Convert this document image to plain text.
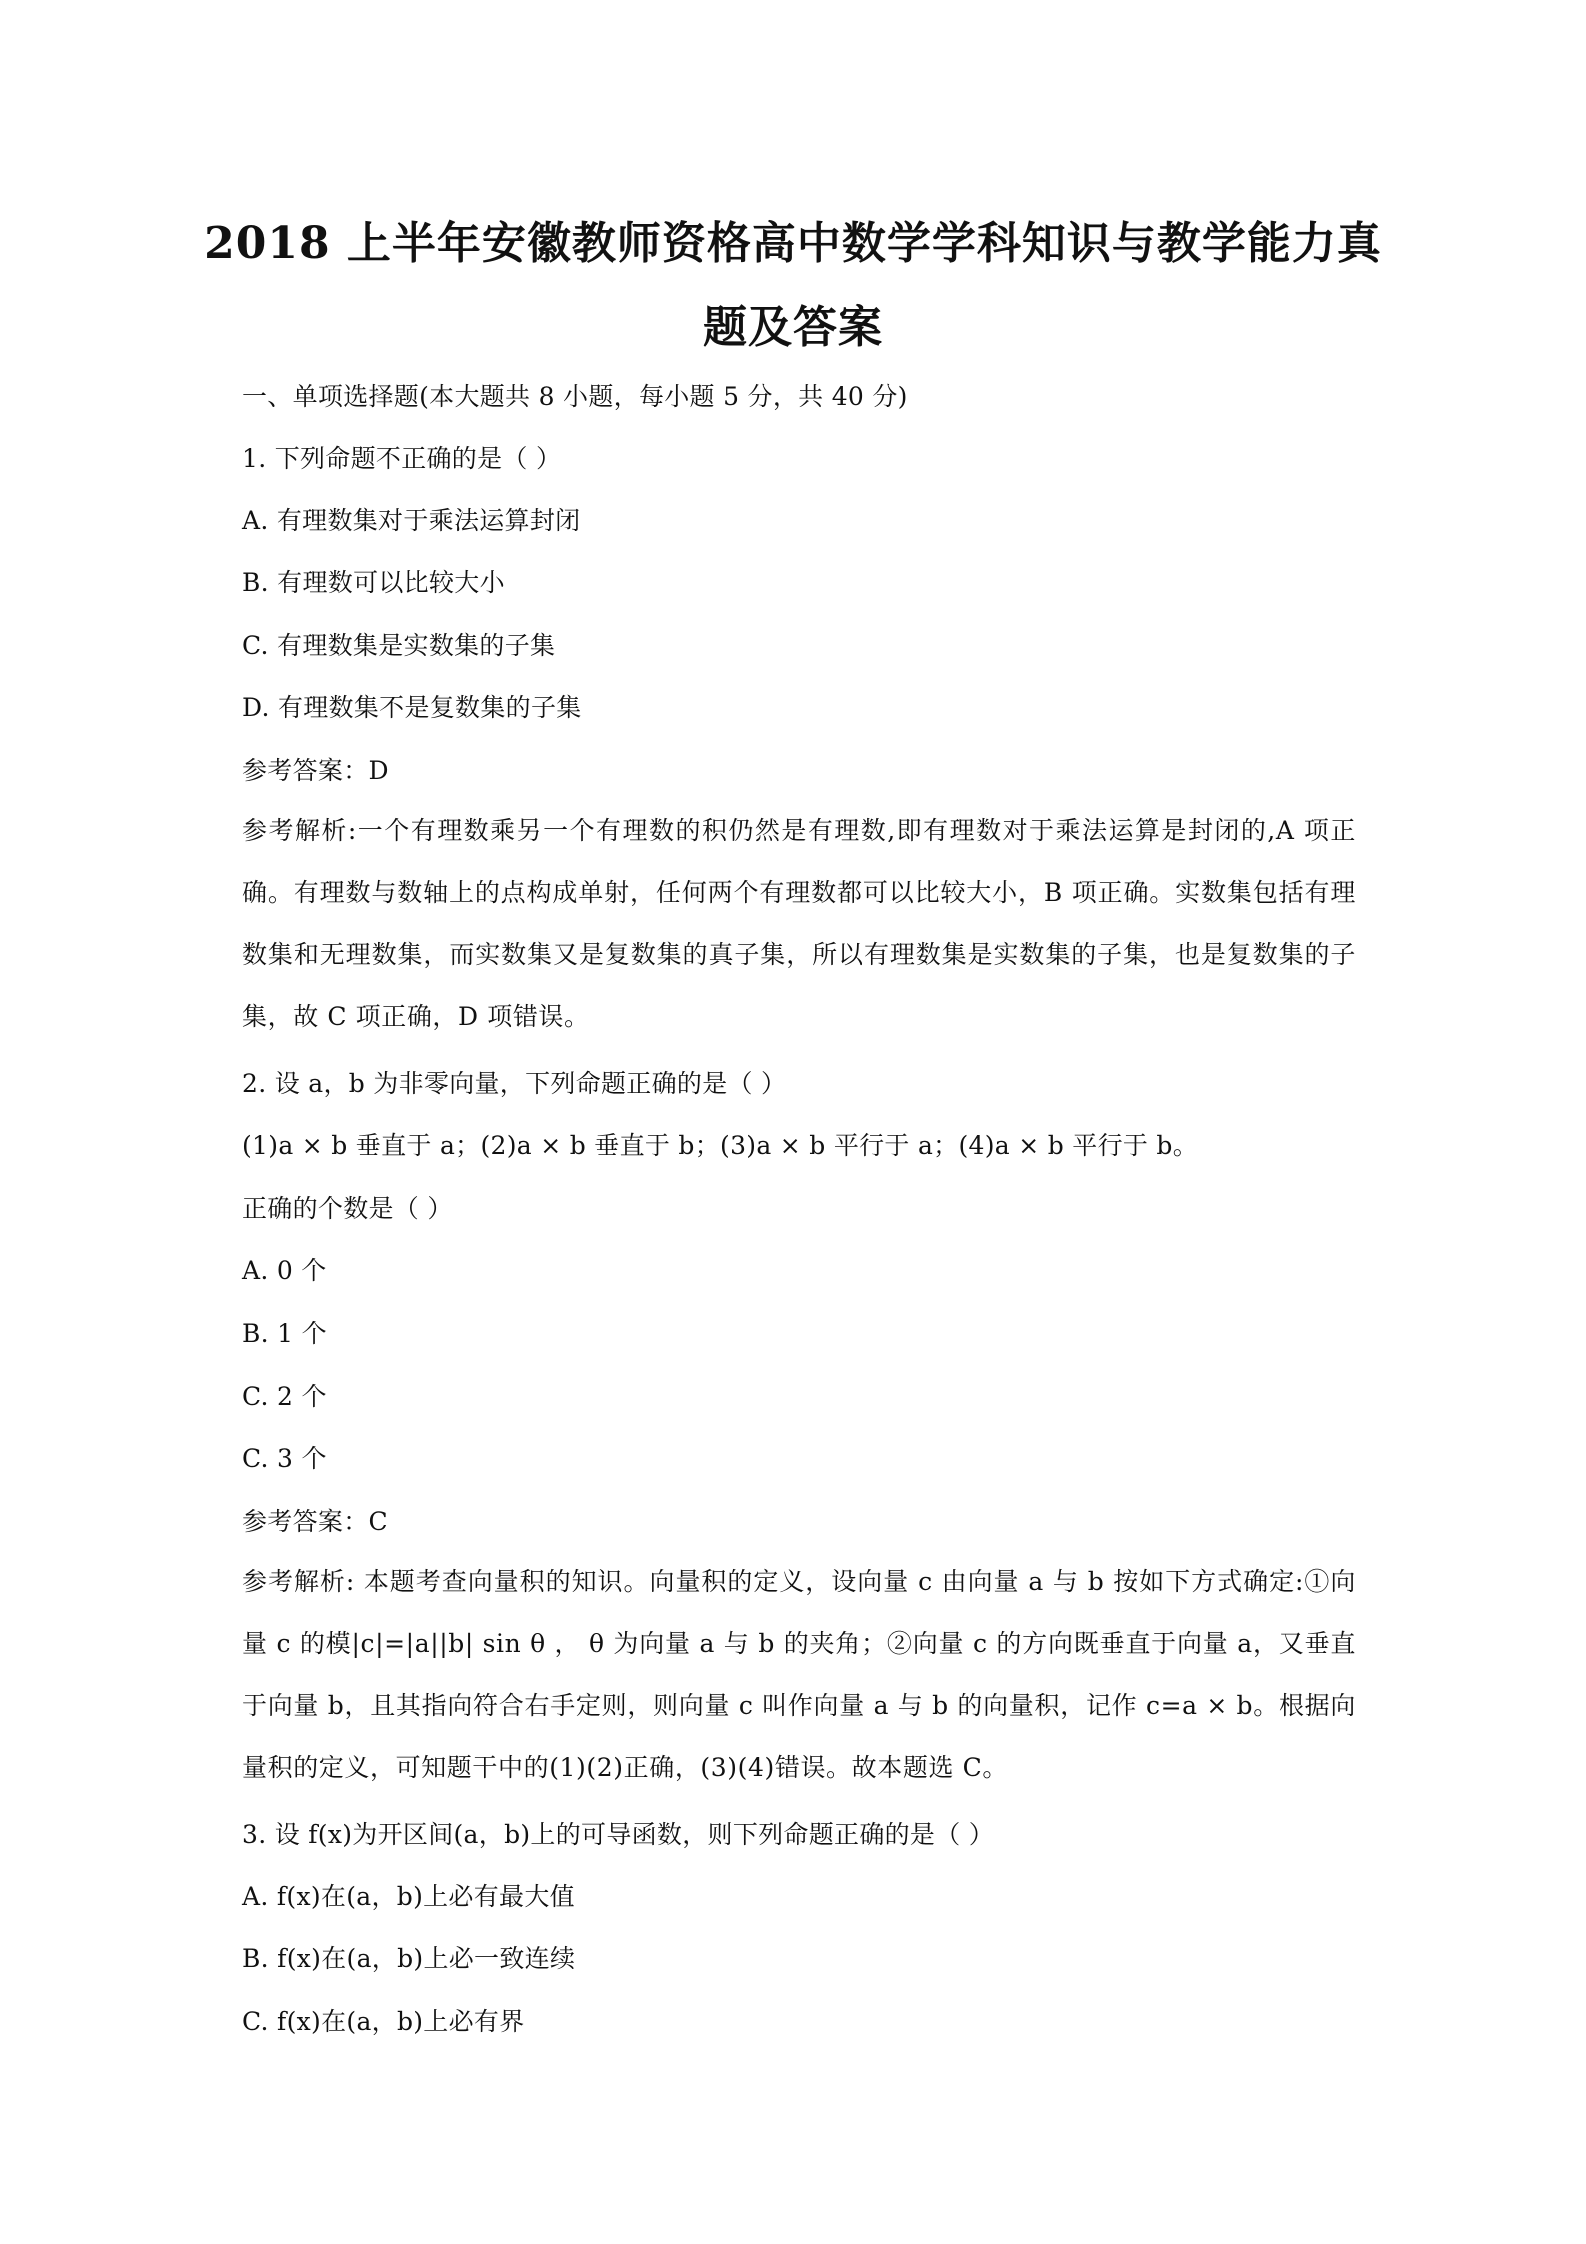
2018 上半年安徽教师资格高中数学学科知识与教学能力真
题及答案
一、单项选择题(本大题共 8 小题，每小题 5 分，共 40 分)
1. 下列命题不正确的是（ ）
A. 有理数集对于乘法运算封闭
B. 有理数可以比较大小
C. 有理数集是实数集的子集
D. 有理数集不是复数集的子集
参考答案：D
参考解析:一个有理数乘另一个有理数的积仍然是有理数,即有理数对于乘法运算是封闭的,A 项正确。有理数与数轴上的点构成单射，任何两个有理数都可以比较大小，B 项正确。实数集包括有理数集和无理数集，而实数集又是复数集的真子集，所以有理数集是实数集的子集，也是复数集的子集，故 C 项正确，D 项错误。
2. 设 a，b 为非零向量，下列命题正确的是（ ）
(1)a × b 垂直于 a；(2)a × b 垂直于 b；(3)a × b 平行于 a；(4)a × b 平行于 b。
正确的个数是（ ）
A. 0 个
B. 1 个
C. 2 个
C. 3 个
参考答案：C
参考解析: 本题考查向量积的知识。向量积的定义，设向量 c 由向量 a 与 b 按如下方式确定:①向量 c 的模|c|=|a||b| sin θ ， θ 为向量 a 与 b 的夹角；②向量 c 的方向既垂直于向量 a，又垂直于向量 b，且其指向符合右手定则，则向量 c 叫作向量 a 与 b 的向量积，记作 c=a × b。根据向量积的定义，可知题干中的(1)(2)正确，(3)(4)错误。故本题选 C。
3. 设 f(x)为开区间(a，b)上的可导函数，则下列命题正确的是（ ）
A. f(x)在(a，b)上必有最大值
B. f(x)在(a，b)上必一致连续
C. f(x)在(a，b)上必有界
